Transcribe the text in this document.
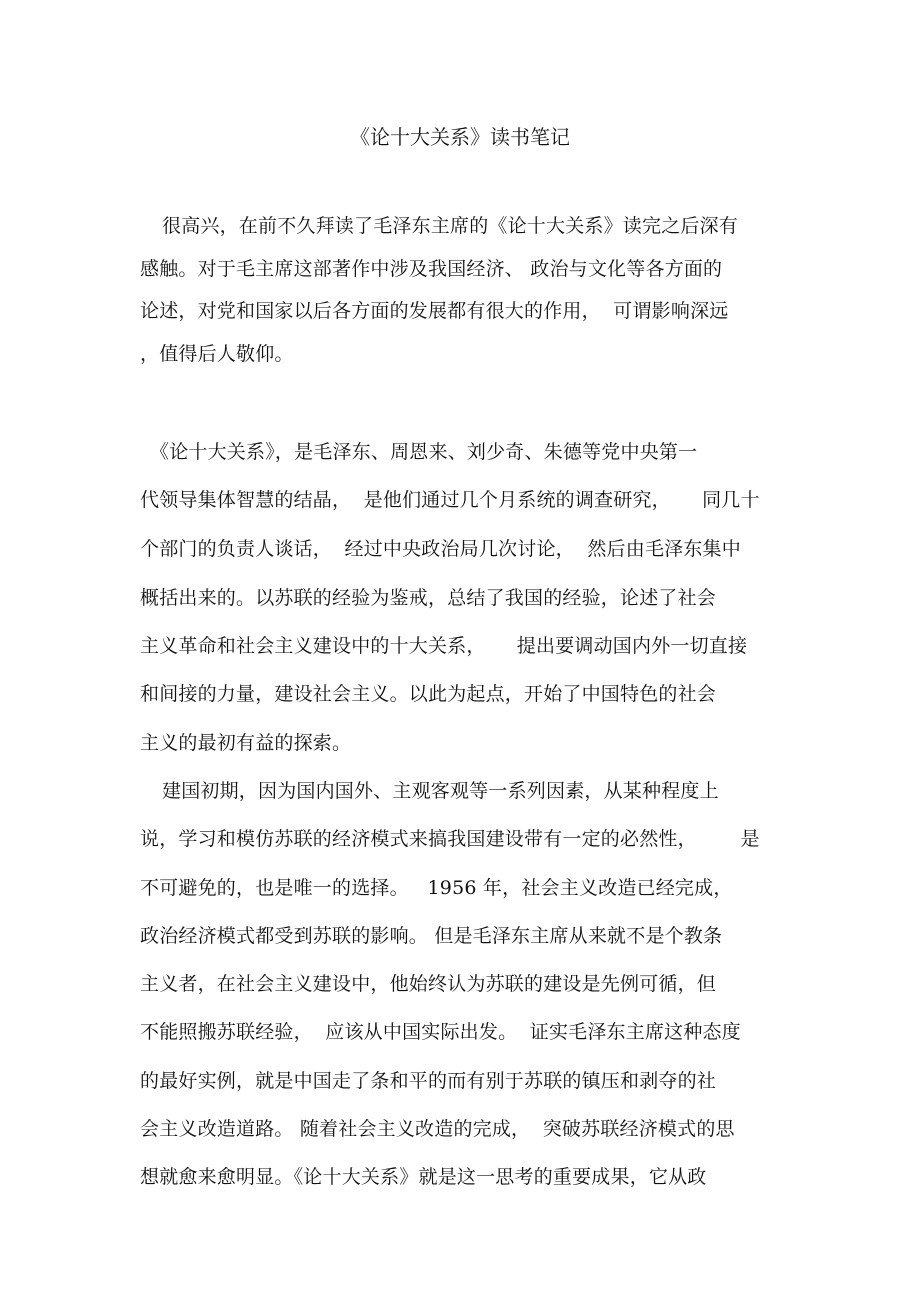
《论十大关系》读书笔记
很高兴，在前不久拜读了毛泽东主席的《论十大关系》读完之后深有
感触。对于毛主席这部著作中涉及我国经济、 政治与文化等各方面的
论述，对党和国家以后各方面的发展都有很大的作用，  可谓影响深远
，值得后人敬仰。
《论十大关系》，是毛泽东、周恩来、刘少奇、朱德等党中央第一
代领导集体智慧的结晶，  是他们通过几个月系统的调查研究，     同几十
个部门的负责人谈话，  经过中央政治局几次讨论，  然后由毛泽东集中
概括出来的。以苏联的经验为鉴戒，总结了我国的经验，论述了社会
主义革命和社会主义建设中的十大关系，     提出要调动国内外一切直接
和间接的力量，建设社会主义。以此为起点，开始了中国特色的社会
主义的最初有益的探索。
建国初期，因为国内国外、主观客观等一系列因素，从某种程度上
说，学习和模仿苏联的经济模式来搞我国建设带有一定的必然性，       是
不可避免的，也是唯一的选择。   1956 年，社会主义改造已经完成，
政治经济模式都受到苏联的影响。 但是毛泽东主席从来就不是个教条
主义者，在社会主义建设中，他始终认为苏联的建设是先例可循，但
不能照搬苏联经验，  应该从中国实际出发。  证实毛泽东主席这种态度
的最好实例，就是中国走了条和平的而有别于苏联的镇压和剥夺的社
会主义改造道路。 随着社会主义改造的完成，  突破苏联经济模式的思
想就愈来愈明显。《论十大关系》就是这一思考的重要成果，它从政
